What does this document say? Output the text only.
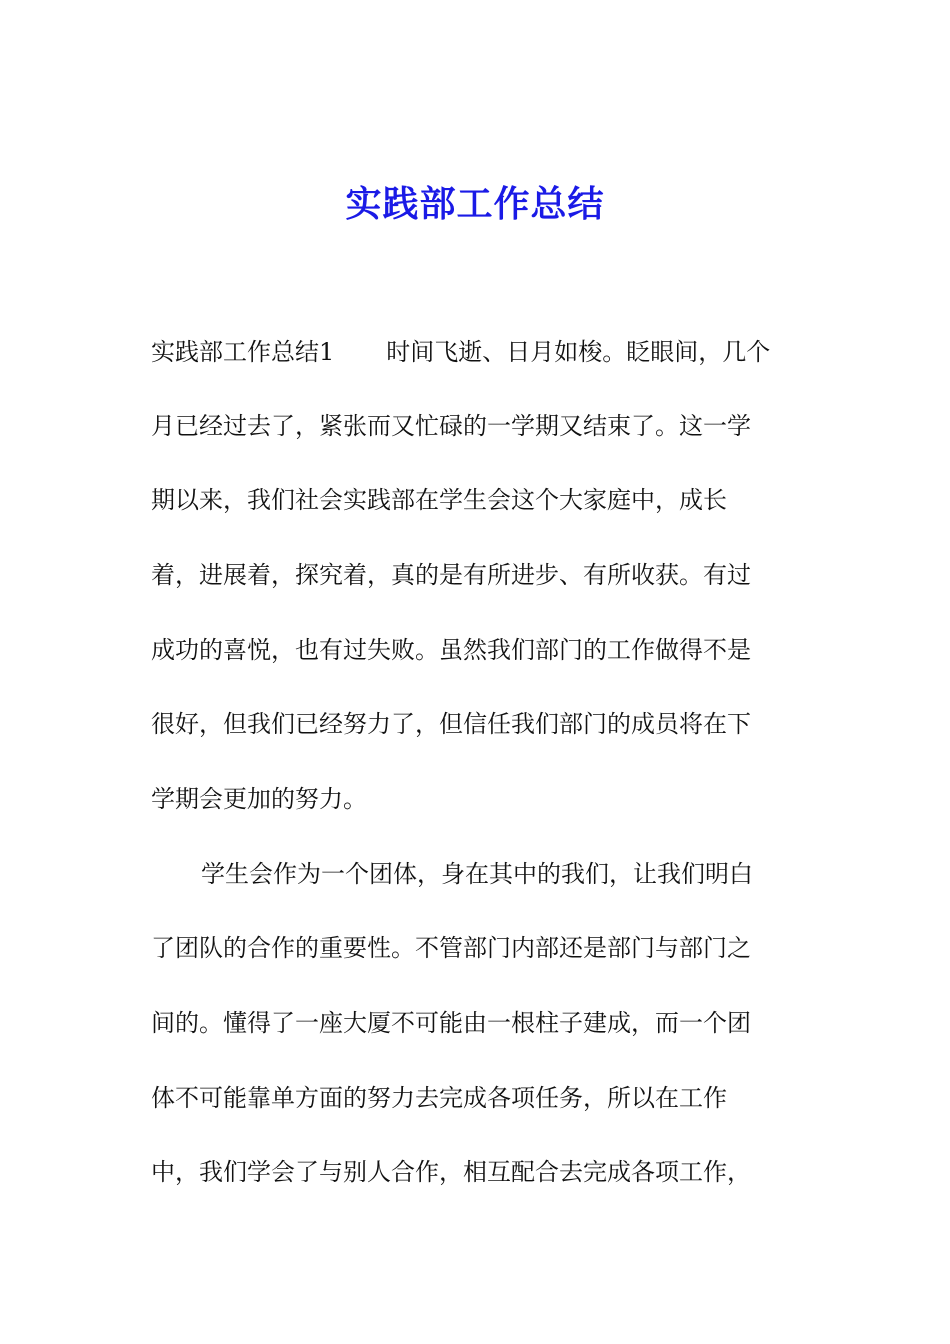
实践部工作总结
实践部工作总结1 时间飞逝、日月如梭。眨眼间，几个
月已经过去了，紧张而又忙碌的一学期又结束了。这一学
期以来，我们社会实践部在学生会这个大家庭中，成长
着，进展着，探究着，真的是有所进步、有所收获。有过
成功的喜悦，也有过失败。虽然我们部门的工作做得不是
很好，但我们已经努力了，但信任我们部门的成员将在下
学期会更加的努力。
学生会作为一个团体，身在其中的我们，让我们明白
了团队的合作的重要性。不管部门内部还是部门与部门之
间的。懂得了一座大厦不可能由一根柱子建成，而一个团
体不可能靠单方面的努力去完成各项任务，所以在工作
中，我们学会了与别人合作，相互配合去完成各项工作，
